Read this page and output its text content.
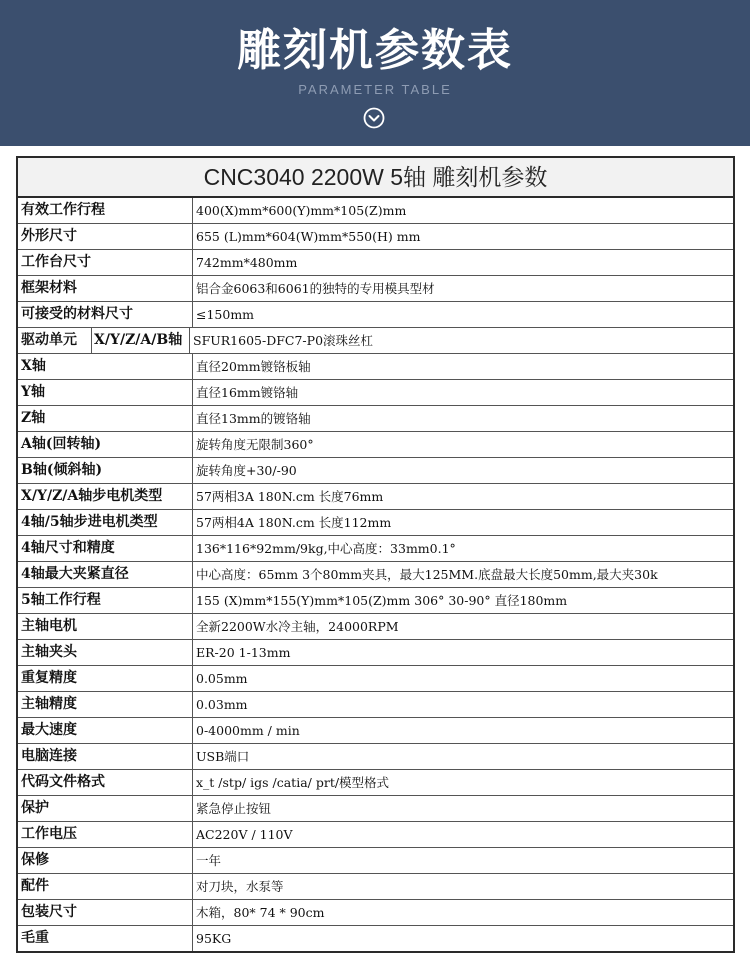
雕刻机参数表
PARAMETER TABLE
CNC3040 2200W 5轴 雕刻机参数
有效工作行程	400(X)mm*600(Y)mm*105(Z)mm
外形尺寸	655 (L)mm*604(W)mm*550(H) mm
工作台尺寸	742mm*480mm
框架材料	铝合金6063和6061的独特的专用模具型材
可接受的材料尺寸	≤150mm
驱动单元	X/Y/Z/A/B轴 SFUR1605-DFC7-P0滚珠丝杠
X轴	直径20mm镀铬板轴
Y轴	直径16mm镀铬轴
Z轴	直径13mm的镀铬轴
A轴(回转轴)	旋转角度无限制360°
B轴(倾斜轴)	旋转角度+30/-90
X/Y/Z/A轴步电机类型	57两相3A 180N.cm 长度76mm
4轴/5轴步进电机类型	57两相4A 180N.cm 长度112mm
4轴尺寸和精度	136*116*92mm/9kg,中心高度：33mm0.1°
4轴最大夹紧直径	中心高度：65mm 3个80mm夹具，最大125MM.底盘最大长度50mm,最大夹30k
5轴工作行程	155 (X)mm*155(Y)mm*105(Z)mm 306° 30-90° 直径180mm
主轴电机	全新2200W水冷主轴，24000RPM
主轴夹头	ER-20 1-13mm
重复精度	0.05mm
主轴精度	0.03mm
最大速度	0-4000mm / min
电脑连接	USB端口
代码文件格式	x_t /stp/ igs /catia/ prt/模型格式
保护	紧急停止按钮
工作电压	AC220V / 110V
保修	一年
配件	对刀块，水泵等
包装尺寸	木箱，80* 74 * 90cm
毛重	95KG
